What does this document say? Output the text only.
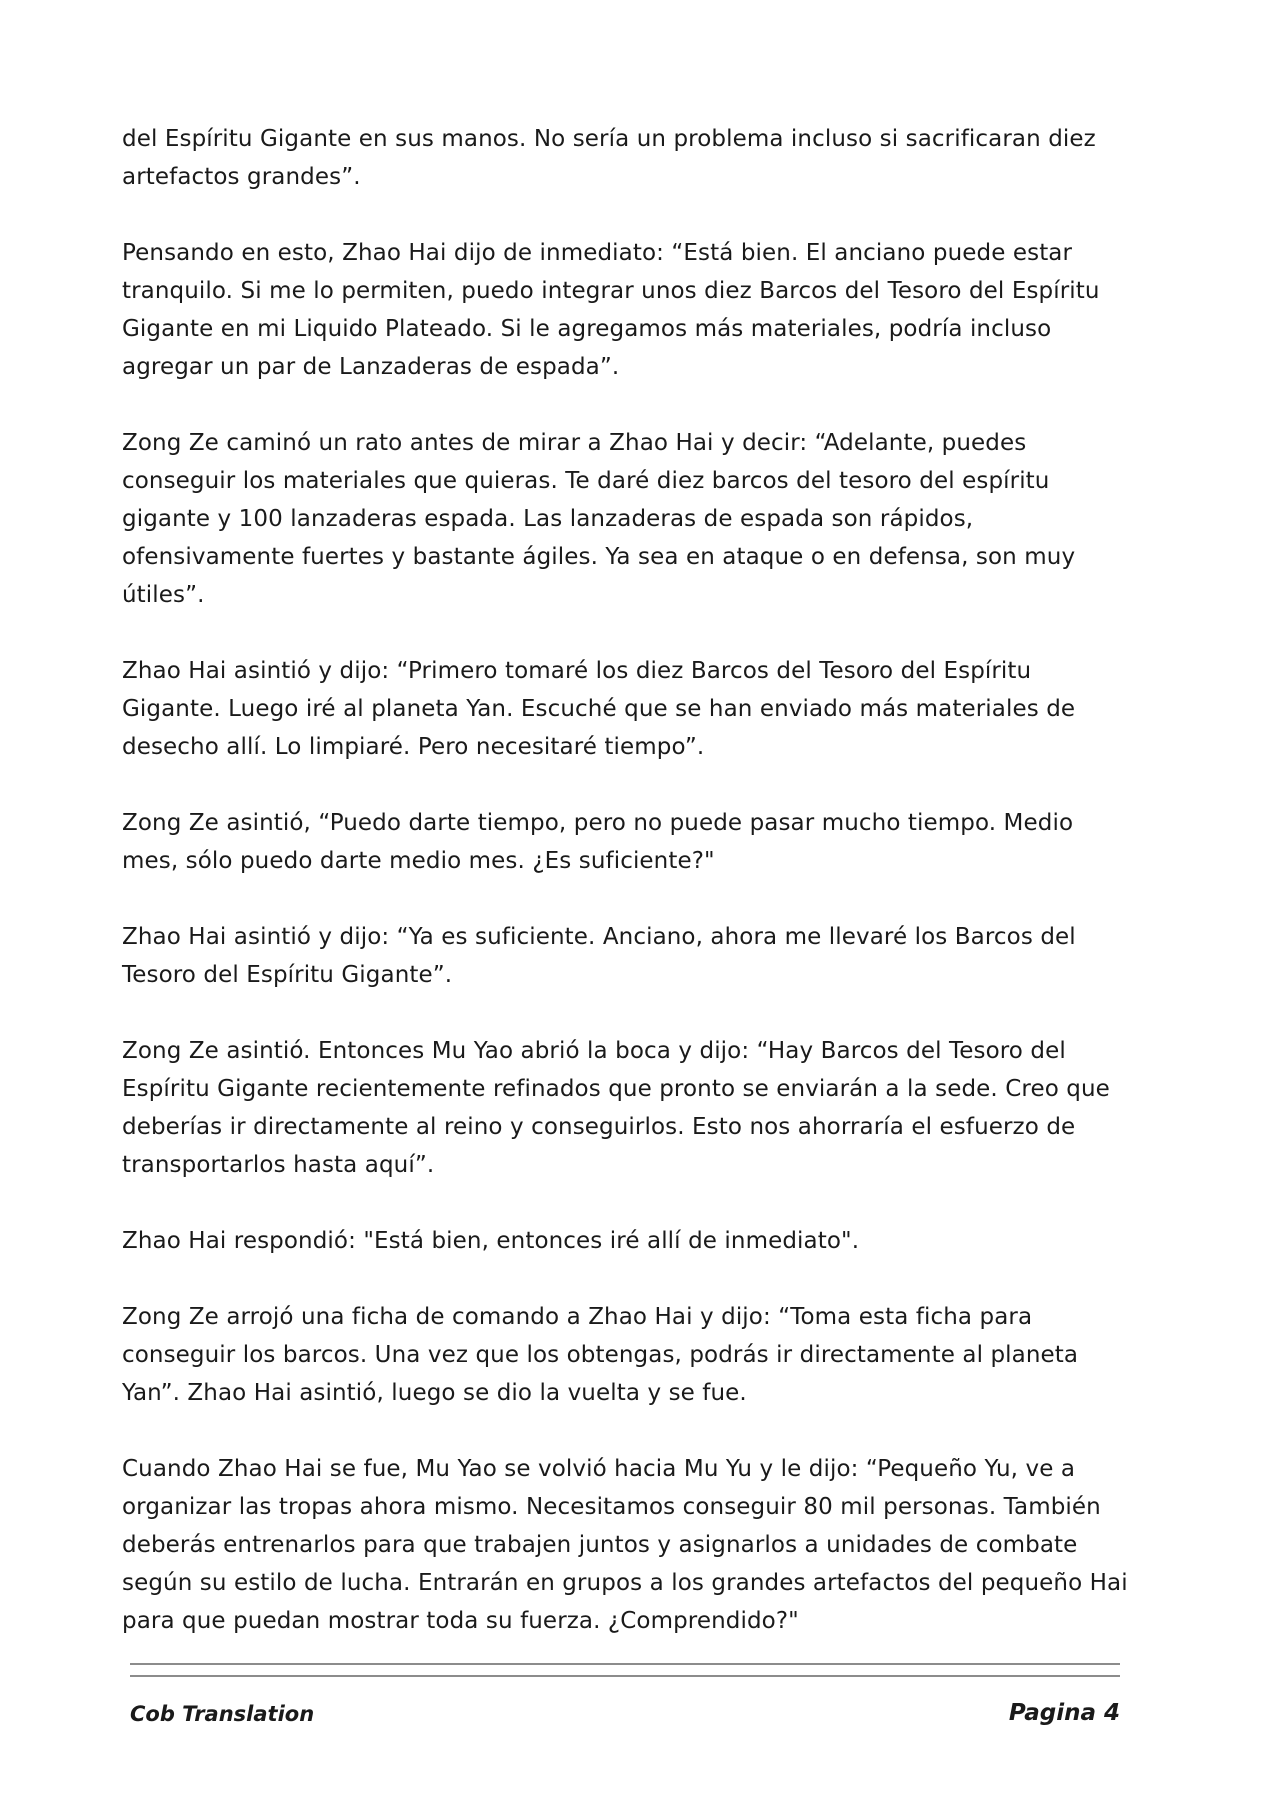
del Espíritu Gigante en sus manos. No sería un problema incluso si sacrificaran diez artefactos grandes”.

Pensando en esto, Zhao Hai dijo de inmediato: “Está bien. El anciano puede estar tranquilo. Si me lo permiten, puedo integrar unos diez Barcos del Tesoro del Espíritu Gigante en mi Liquido Plateado. Si le agregamos más materiales, podría incluso agregar un par de Lanzaderas de espada”.

Zong Ze caminó un rato antes de mirar a Zhao Hai y decir: “Adelante, puedes conseguir los materiales que quieras. Te daré diez barcos del tesoro del espíritu gigante y 100 lanzaderas espada. Las lanzaderas de espada son rápidos, ofensivamente fuertes y bastante ágiles. Ya sea en ataque o en defensa, son muy útiles”.

Zhao Hai asintió y dijo: “Primero tomaré los diez Barcos del Tesoro del Espíritu Gigante. Luego iré al planeta Yan. Escuché que se han enviado más materiales de desecho allí. Lo limpiaré. Pero necesitaré tiempo”.

Zong Ze asintió, “Puedo darte tiempo, pero no puede pasar mucho tiempo. Medio mes, sólo puedo darte medio mes. ¿Es suficiente?"

Zhao Hai asintió y dijo: “Ya es suficiente. Anciano, ahora me llevaré los Barcos del Tesoro del Espíritu Gigante”.

Zong Ze asintió. Entonces Mu Yao abrió la boca y dijo: “Hay Barcos del Tesoro del Espíritu Gigante recientemente refinados que pronto se enviarán a la sede. Creo que deberías ir directamente al reino y conseguirlos. Esto nos ahorraría el esfuerzo de transportarlos hasta aquí”.

Zhao Hai respondió: "Está bien, entonces iré allí de inmediato".

Zong Ze arrojó una ficha de comando a Zhao Hai y dijo: “Toma esta ficha para conseguir los barcos. Una vez que los obtengas, podrás ir directamente al planeta Yan”. Zhao Hai asintió, luego se dio la vuelta y se fue.

Cuando Zhao Hai se fue, Mu Yao se volvió hacia Mu Yu y le dijo: “Pequeño Yu, ve a organizar las tropas ahora mismo. Necesitamos conseguir 80 mil personas. También deberás entrenarlos para que trabajen juntos y asignarlos a unidades de combate según su estilo de lucha. Entrarán en grupos a los grandes artefactos del pequeño Hai para que puedan mostrar toda su fuerza. ¿Comprendido?"

Cob Translation	Pagina 4
